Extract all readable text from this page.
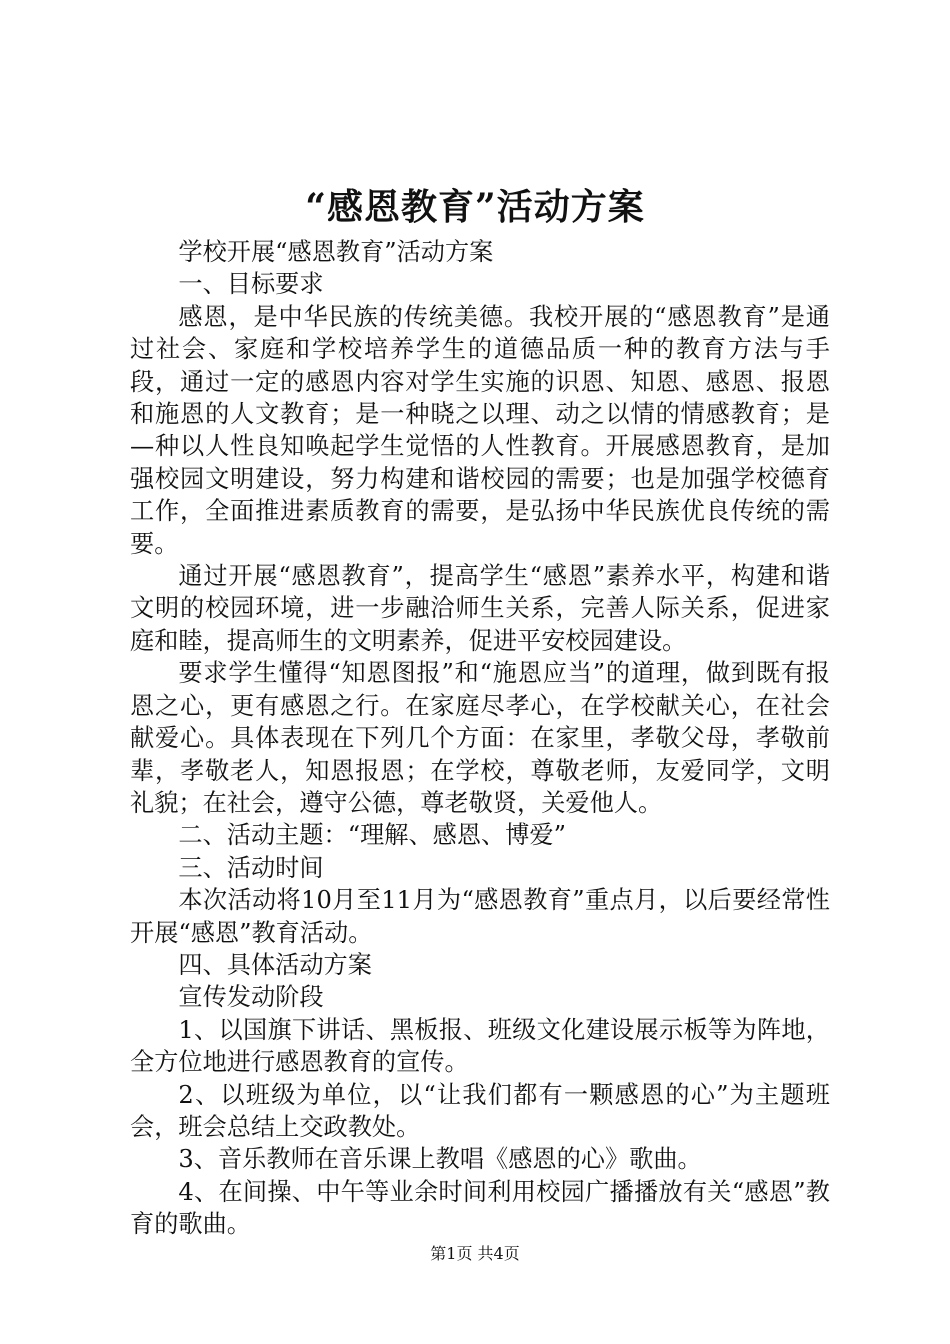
“感恩教育”活动方案

学校开展“感恩教育”活动方案

一、目标要求

感恩，是中华民族的传统美德。我校开展的“感恩教育”是通过社会、家庭和学校培养学生的道德品质一种的教育方法与手段，通过一定的感恩内容对学生实施的识恩、知恩、感恩、报恩和施恩的人文教育；是一种晓之以理、动之以情的情感教育；是—种以人性良知唤起学生觉悟的人性教育。开展感恩教育，是加强校园文明建设，努力构建和谐校园的需要；也是加强学校德育工作，全面推进素质教育的需要，是弘扬中华民族优良传统的需要。

通过开展“感恩教育”，提高学生“感恩”素养水平，构建和谐文明的校园环境，进一步融洽师生关系，完善人际关系，促进家庭和睦，提高师生的文明素养，促进平安校园建设。

要求学生懂得“知恩图报”和“施恩应当”的道理，做到既有报恩之心，更有感恩之行。在家庭尽孝心，在学校献关心，在社会献爱心。具体表现在下列几个方面：在家里，孝敬父母，孝敬前辈，孝敬老人，知恩报恩；在学校，尊敬老师，友爱同学，文明礼貌；在社会，遵守公德，尊老敬贤，关爱他人。

二、活动主题：“理解、感恩、博爱”

三、活动时间

本次活动将10月至11月为“感恩教育”重点月，以后要经常性开展“感恩”教育活动。

四、具体活动方案

宣传发动阶段

1、以国旗下讲话、黑板报、班级文化建设展示板等为阵地，全方位地进行感恩教育的宣传。

2、以班级为单位，以“让我们都有一颗感恩的心”为主题班会，班会总结上交政教处。

3、音乐教师在音乐课上教唱《感恩的心》歌曲。

4、在间操、中午等业余时间利用校园广播播放有关“感恩”教育的歌曲。

第1页 共4页
